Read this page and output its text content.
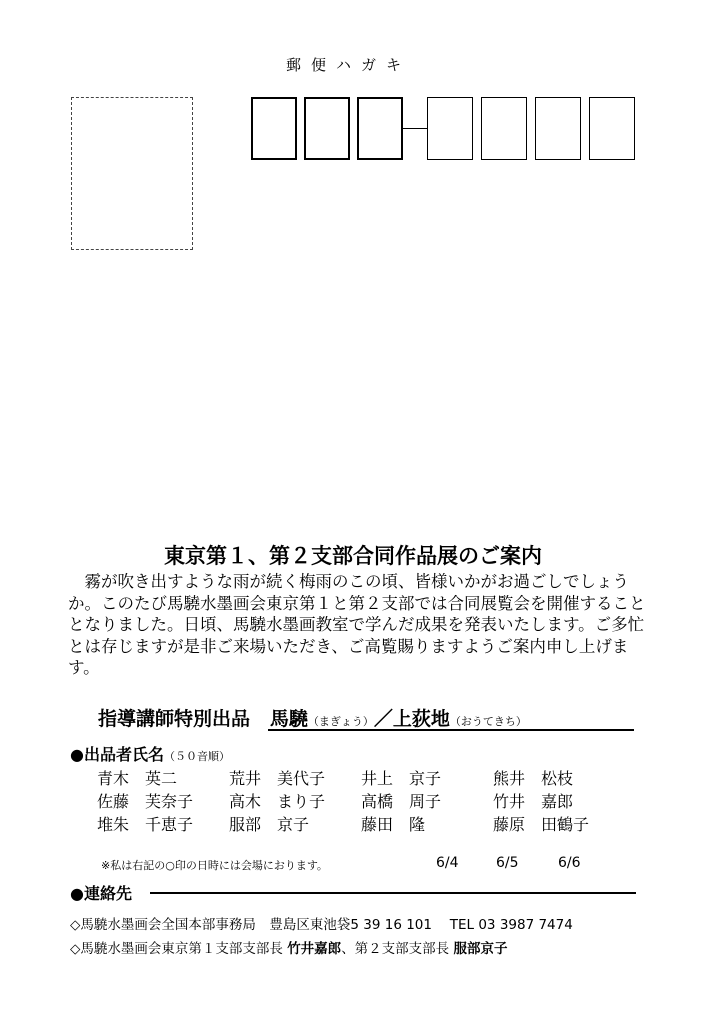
郵便ハガキ
東京第１、第２支部合同作品展のご案内

霧が吹き出すような雨が続く梅雨のこの頃、皆様いかがお過ごしでしょうか。このたび馬驍水墨画会東京第１と第２支部では合同展覧会を開催することとなりました。日頃、馬驍水墨画教室で学んだ成果を発表いたします。ご多忙とは存じますが是非ご来場いただき、ご高覧賜りますようご案内申し上げます。

指導講師特別出品 馬驍（まぎょう）／上荻地（おうてきち）
●出品者氏名（５０音順）
青木　英二	荒井　美代子	井上　京子	熊井　松枝
佐藤　芙奈子	高木　まり子	高橋　周子	竹井　嘉郎
堆朱　千恵子	服部　京子	藤田　隆	藤原　田鶴子
※私は右記の○印の日時には会場におります。	6/4	6/5	6/6
●連絡先
◇馬驍水墨画会全国本部事務局　豊島区東池袋5 39 16 101　 TEL 03 3987 7474
◇馬驍水墨画会東京第１支部支部長 竹井嘉郎、第２支部支部長 服部京子
